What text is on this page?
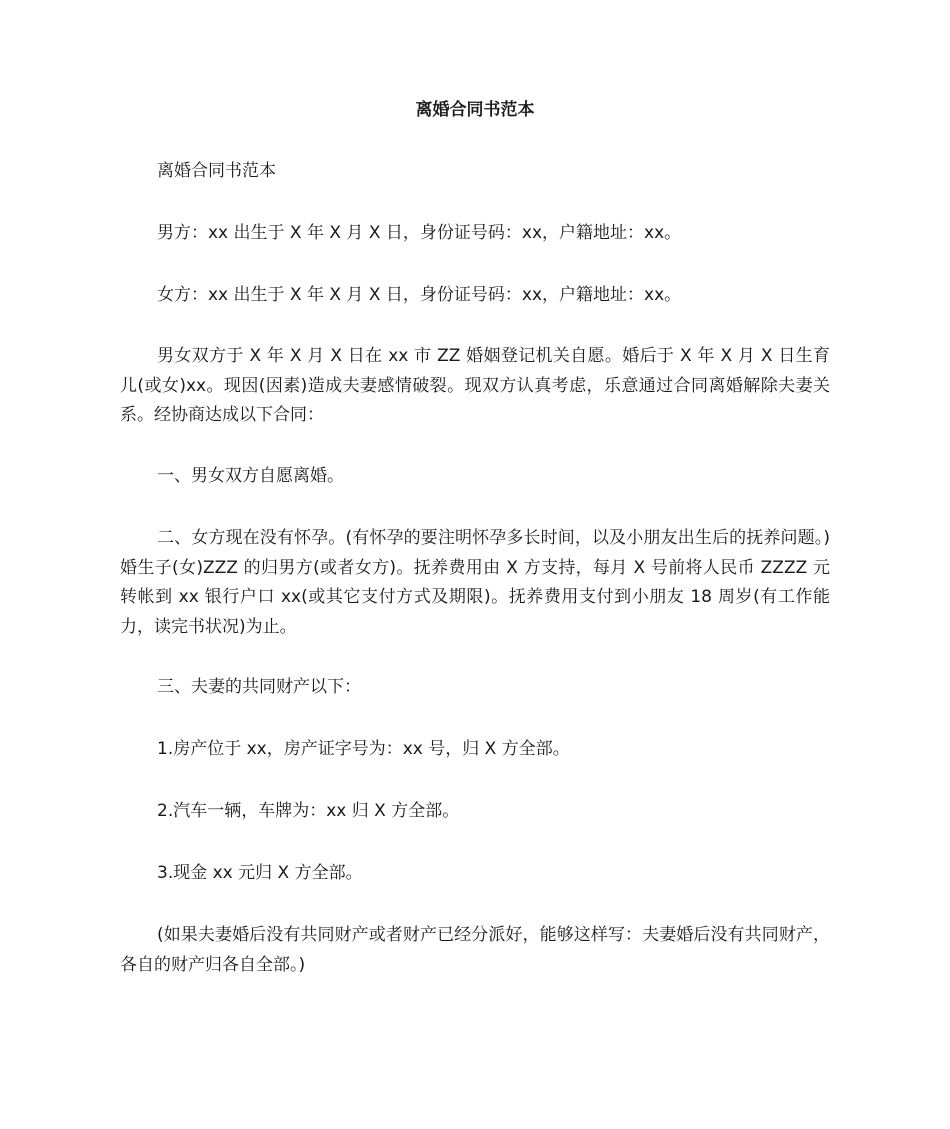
离婚合同书范本

离婚合同书范本

男方：xx 出生于 X 年 X 月 X 日，身份证号码：xx，户籍地址：xx。

女方：xx 出生于 X 年 X 月 X 日，身份证号码：xx，户籍地址：xx。

男女双方于 X 年 X 月 X 日在 xx 市 ZZ 婚姻登记机关自愿。婚后于 X 年 X 月 X 日生育儿(或女)xx。现因(因素)造成夫妻感情破裂。现双方认真考虑，乐意通过合同离婚解除夫妻关系。经协商达成以下合同：

一、男女双方自愿离婚。

二、女方现在没有怀孕。(有怀孕的要注明怀孕多长时间，以及小朋友出生后的抚养问题。)婚生子(女)ZZZ 的归男方(或者女方)。抚养费用由 X 方支持，每月 X 号前将人民币 ZZZZ 元转帐到 xx 银行户口 xx(或其它支付方式及期限)。抚养费用支付到小朋友 18 周岁(有工作能力，读完书状况)为止。

三、夫妻的共同财产以下：

1.房产位于 xx，房产证字号为：xx 号，归 X 方全部。

2.汽车一辆，车牌为：xx 归 X 方全部。

3.现金 xx 元归 X 方全部。

(如果夫妻婚后没有共同财产或者财产已经分派好，能够这样写：夫妻婚后没有共同财产，各自的财产归各自全部。)
